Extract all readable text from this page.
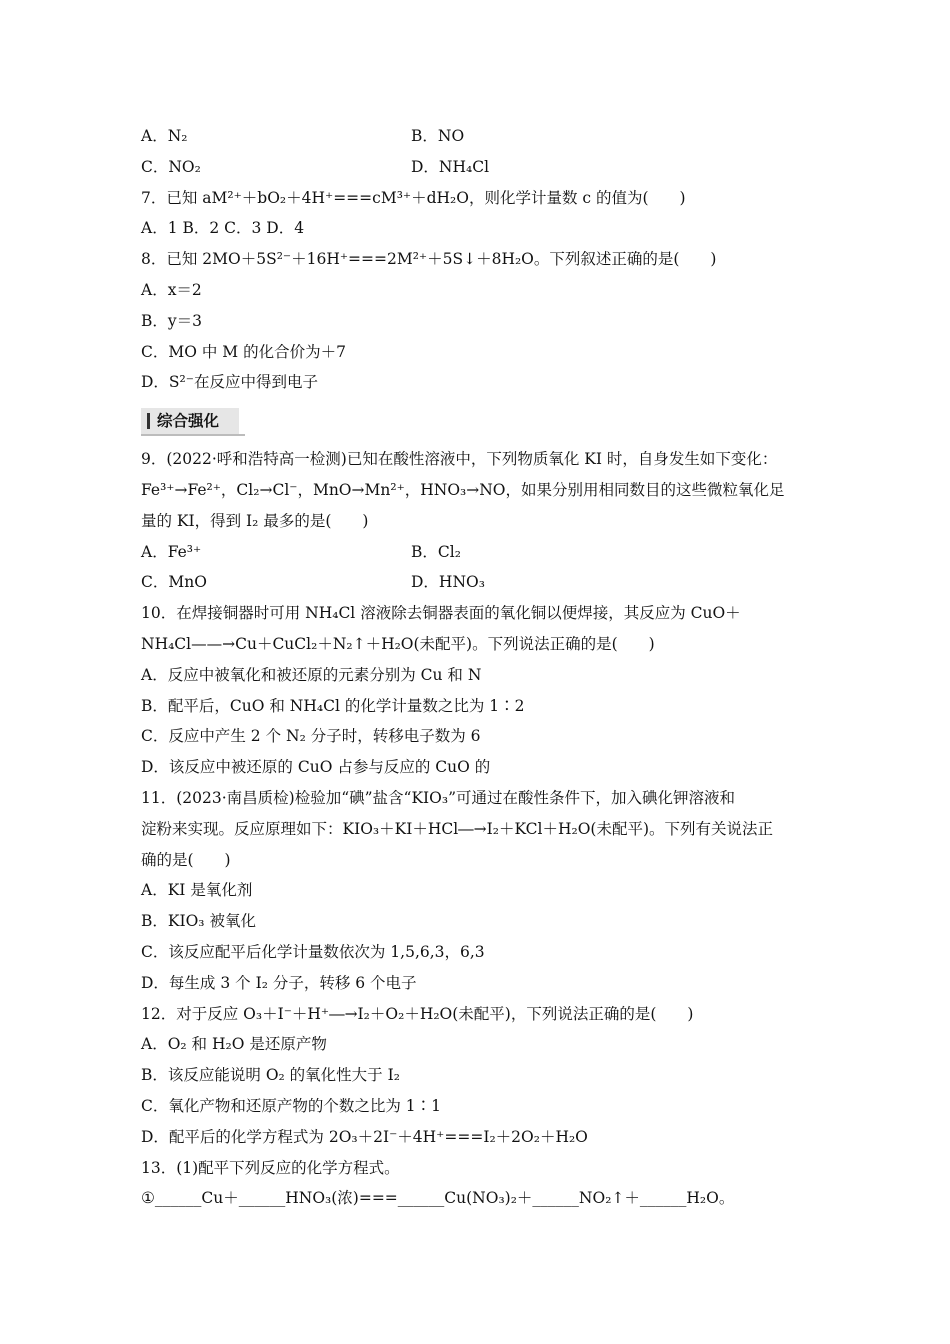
A．N₂	B．NO
C．NO₂	D．NH₄Cl
7．已知 aM²⁺＋bO₂＋4H⁺===cM³⁺＋dH₂O，则化学计量数 c 的值为(　　)
A．1 B．2 C．3 D．4
8．已知 2MO＋5S²⁻＋16H⁺===2M²⁺＋5S↓＋8H₂O。下列叙述正确的是(　　)
A．x＝2
B．y＝3
C．MO 中 M 的化合价为＋7
D．S²⁻在反应中得到电子
综合强化
9．(2022·呼和浩特高一检测)已知在酸性溶液中，下列物质氧化 KI 时，自身发生如下变化：
Fe³⁺→Fe²⁺，Cl₂→Cl⁻，MnO→Mn²⁺，HNO₃→NO，如果分别用相同数目的这些微粒氧化足
量的 KI，得到 I₂ 最多的是(　　)
A．Fe³⁺	B．Cl₂
C．MnO	D．HNO₃
10．在焊接铜器时可用 NH₄Cl 溶液除去铜器表面的氧化铜以便焊接，其反应为 CuO＋
NH₄Cl——→Cu＋CuCl₂＋N₂↑＋H₂O(未配平)。下列说法正确的是(　　)
A．反应中被氧化和被还原的元素分别为 Cu 和 N
B．配平后，CuO 和 NH₄Cl 的化学计量数之比为 1∶2
C．反应中产生 2 个 N₂ 分子时，转移电子数为 6
D．该反应中被还原的 CuO 占参与反应的 CuO 的
11．(2023·南昌质检)检验加“碘”盐含“KIO₃”可通过在酸性条件下，加入碘化钾溶液和
淀粉来实现。反应原理如下：KIO₃＋KI＋HCl―→I₂＋KCl＋H₂O(未配平)。下列有关说法正
确的是(　　)
A．KI 是氧化剂
B．KIO₃ 被氧化
C．该反应配平后化学计量数依次为 1,5,6,3，6,3
D．每生成 3 个 I₂ 分子，转移 6 个电子
12．对于反应 O₃＋I⁻＋H⁺―→I₂＋O₂＋H₂O(未配平)，下列说法正确的是(　　)
A．O₂ 和 H₂O 是还原产物
B．该反应能说明 O₂ 的氧化性大于 I₂
C．氧化产物和还原产物的个数之比为 1∶1
D．配平后的化学方程式为 2O₃＋2I⁻＋4H⁺===I₂＋2O₂＋H₂O
13．(1)配平下列反应的化学方程式。
①______Cu＋______HNO₃(浓)===______Cu(NO₃)₂＋______NO₂↑＋______H₂O。
